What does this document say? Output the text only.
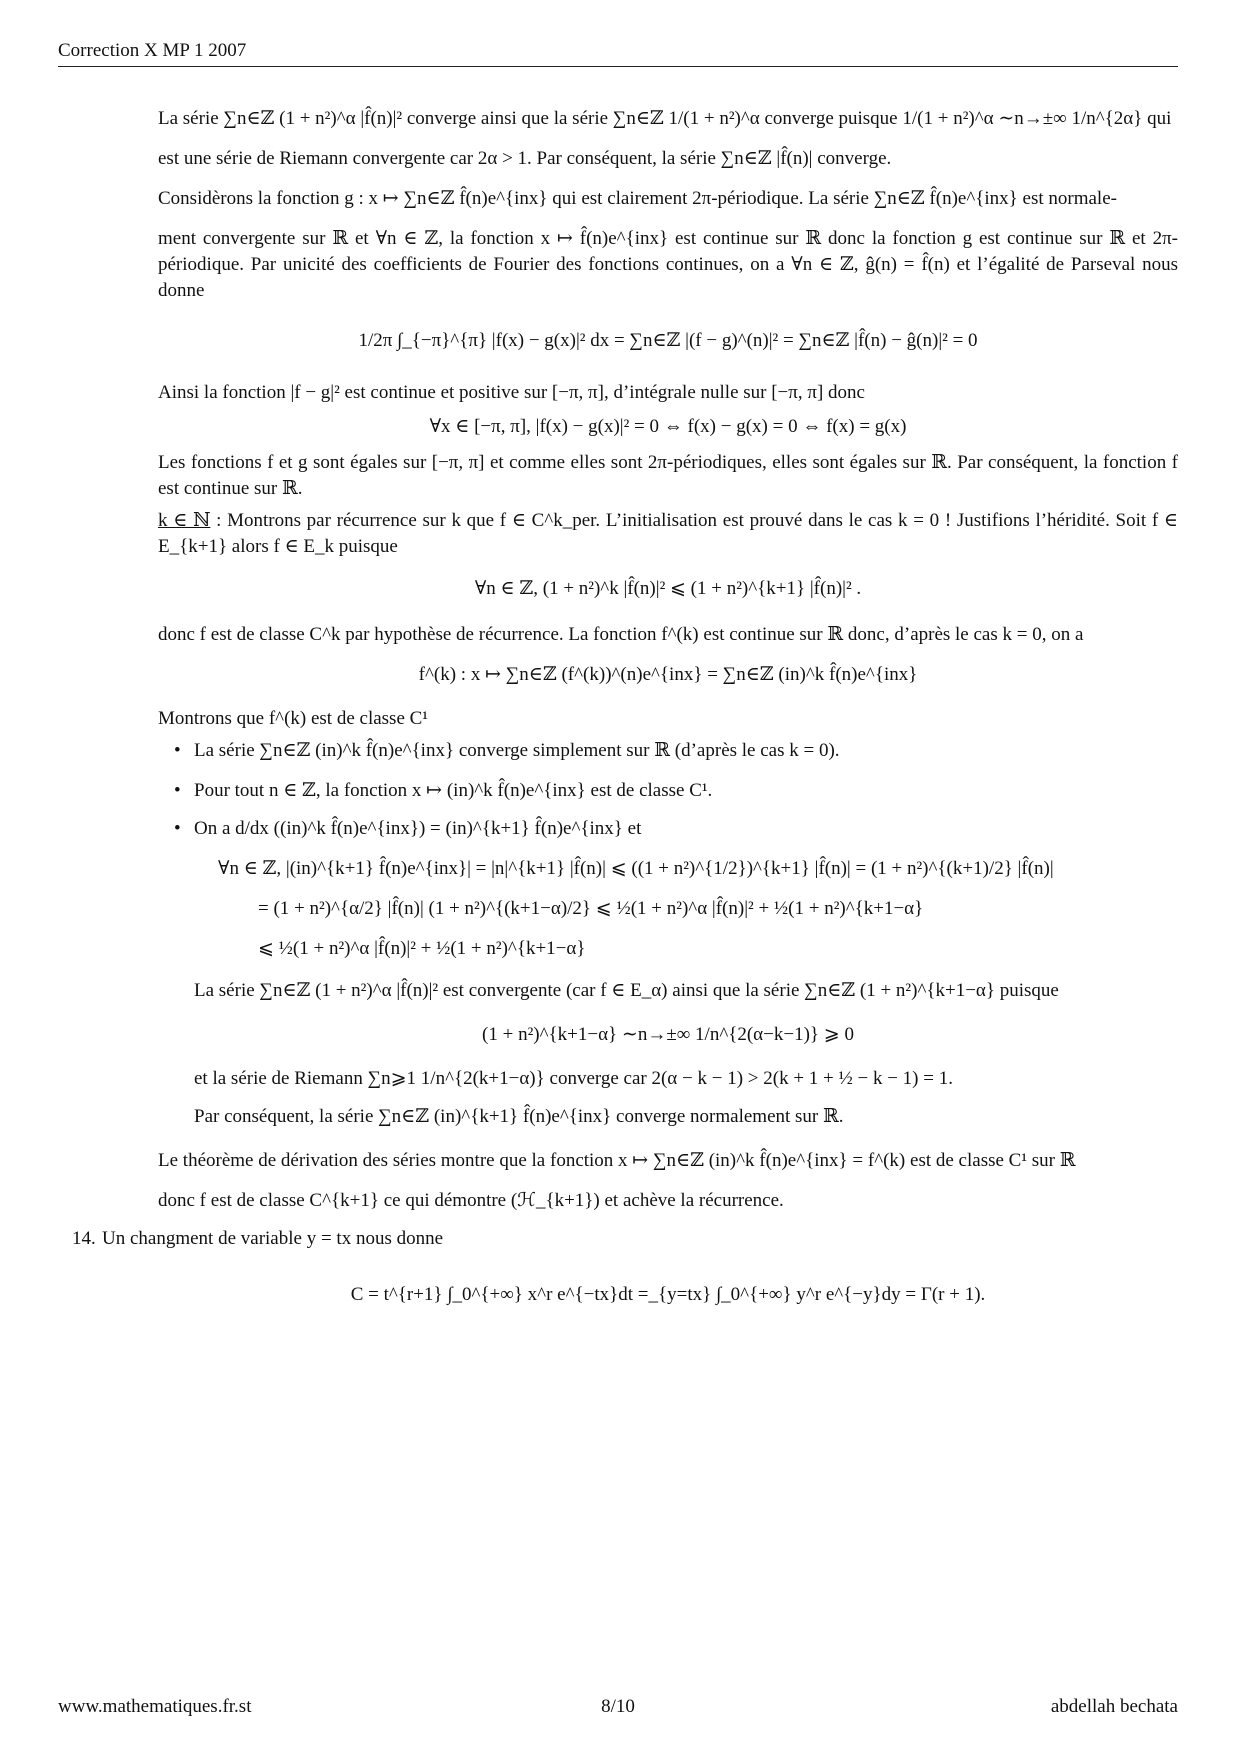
Correction X MP 1 2007

La série ∑n∈ℤ (1 + n²)^α |f̂(n)|² converge ainsi que la série ∑n∈ℤ 1/(1 + n²)^α converge puisque 1/(1 + n²)^α ∼n→±∞ 1/n^{2α} qui

est une série de Riemann convergente car 2α > 1. Par conséquent, la série ∑n∈ℤ |f̂(n)| converge.

Considèrons la fonction g : x ↦ ∑n∈ℤ f̂(n)e^{inx} qui est clairement 2π-périodique. La série ∑n∈ℤ f̂(n)e^{inx} est normale-

ment convergente sur ℝ et ∀n ∈ ℤ, la fonction x ↦ f̂(n)e^{inx} est continue sur ℝ donc la fonction g est continue sur ℝ et 2π-périodique. Par unicité des coefficients de Fourier des fonctions continues, on a ∀n ∈ ℤ, ĝ(n) = f̂(n) et l’égalité de Parseval nous donne

1/2π ∫_{−π}^{π} |f(x) − g(x)|² dx = ∑n∈ℤ |(f − g)^(n)|² = ∑n∈ℤ |f̂(n) − ĝ(n)|² = 0

Ainsi la fonction |f − g|² est continue et positive sur [−π, π], d’intégrale nulle sur [−π, π] donc

∀x ∈ [−π, π], |f(x) − g(x)|² = 0 ⇔ f(x) − g(x) = 0 ⇔ f(x) = g(x)

Les fonctions f et g sont égales sur [−π, π] et comme elles sont 2π-périodiques, elles sont égales sur ℝ. Par conséquent, la fonction f est continue sur ℝ.

k ∈ ℕ : Montrons par récurrence sur k que f ∈ C^k_per. L’initialisation est prouvé dans le cas k = 0 ! Justifions l’héridité. Soit f ∈ E_{k+1} alors f ∈ E_k puisque

∀n ∈ ℤ, (1 + n²)^k |f̂(n)|² ⩽ (1 + n²)^{k+1} |f̂(n)|² .

donc f est de classe C^k par hypothèse de récurrence. La fonction f^(k) est continue sur ℝ donc, d’après le cas k = 0, on a

f^(k) : x ↦ ∑n∈ℤ (f^(k))^(n)e^{inx} = ∑n∈ℤ (in)^k f̂(n)e^{inx}

Montrons que f^(k) est de classe C¹

• La série ∑n∈ℤ (in)^k f̂(n)e^{inx} converge simplement sur ℝ (d’après le cas k = 0).

• Pour tout n ∈ ℤ, la fonction x ↦ (in)^k f̂(n)e^{inx} est de classe C¹.

• On a d/dx ((in)^k f̂(n)e^{inx}) = (in)^{k+1} f̂(n)e^{inx} et

∀n ∈ ℤ, |(in)^{k+1} f̂(n)e^{inx}| = |n|^{k+1} |f̂(n)| ⩽ ((1 + n²)^{1/2})^{k+1} |f̂(n)| = (1 + n²)^{(k+1)/2} |f̂(n)|
= (1 + n²)^{α/2} |f̂(n)| (1 + n²)^{(k+1−α)/2} ⩽ ½(1 + n²)^α |f̂(n)|² + ½(1 + n²)^{k+1−α}
⩽ ½(1 + n²)^α |f̂(n)|² + ½(1 + n²)^{k+1−α}

La série ∑n∈ℤ (1 + n²)^α |f̂(n)|² est convergente (car f ∈ E_α) ainsi que la série ∑n∈ℤ (1 + n²)^{k+1−α} puisque

(1 + n²)^{k+1−α} ∼n→±∞ 1/n^{2(α−k−1)} ⩾ 0

et la série de Riemann ∑n⩾1 1/n^{2(k+1−α)} converge car 2(α − k − 1) > 2(k + 1 + ½ − k − 1) = 1.

Par conséquent, la série ∑n∈ℤ (in)^{k+1} f̂(n)e^{inx} converge normalement sur ℝ.

Le théorème de dérivation des séries montre que la fonction x ↦ ∑n∈ℤ (in)^k f̂(n)e^{inx} = f^(k) est de classe C¹ sur ℝ

donc f est de classe C^{k+1} ce qui démontre (ℋ_{k+1}) et achève la récurrence.

14. Un changment de variable y = tx nous donne

C = t^{r+1} ∫_0^{+∞} x^r e^{−tx}dt =_{y=tx} ∫_0^{+∞} y^r e^{−y}dy = Γ(r + 1).
www.mathematiques.fr.st	8/10	abdellah bechata
